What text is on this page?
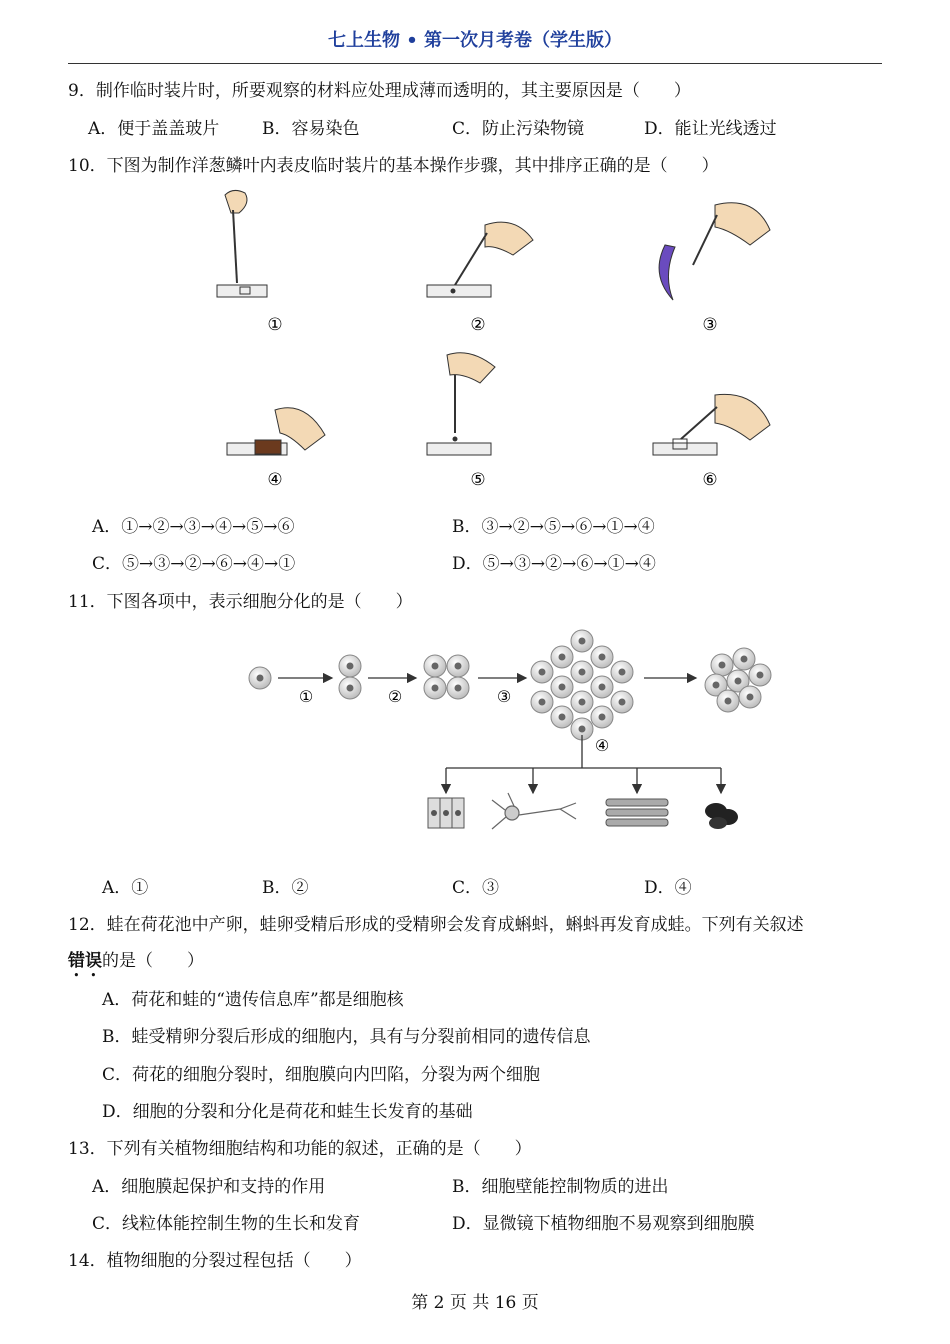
七上生物 • 第一次月考卷（学生版）
9．制作临时装片时，所要观察的材料应处理成薄而透明的，其主要原因是（　　）
A．便于盖盖玻片	B．容易染色	C．防止污染物镜	D．能让光线透过
10．下图为制作洋葱鳞叶内表皮临时装片的基本操作步骤，其中排序正确的是（　　）
①	②	③
④	⑤	⑥
A．①→②→③→④→⑤→⑥	B．③→②→⑤→⑥→①→④
C．⑤→③→②→⑥→④→①	D．⑤→③→②→⑥→①→④
11．下图各项中，表示细胞分化的是（　　）
①	②	③
④
A．①	B．②	C．③	D．④
12．蛙在荷花池中产卵，蛙卵受精后形成的受精卵会发育成蝌蚪，蝌蚪再发育成蛙。下列有关叙述
错误的是（　　）
A．荷花和蛙的“遗传信息库”都是细胞核
B．蛙受精卵分裂后形成的细胞内，具有与分裂前相同的遗传信息
C．荷花的细胞分裂时，细胞膜向内凹陷，分裂为两个细胞
D．细胞的分裂和分化是荷花和蛙生长发育的基础
13．下列有关植物细胞结构和功能的叙述，正确的是（　　）
A．细胞膜起保护和支持的作用	B．细胞壁能控制物质的进出
C．线粒体能控制生物的生长和发育	D．显微镜下植物细胞不易观察到细胞膜
14．植物细胞的分裂过程包括（　　）
第 2 页 共 16 页
